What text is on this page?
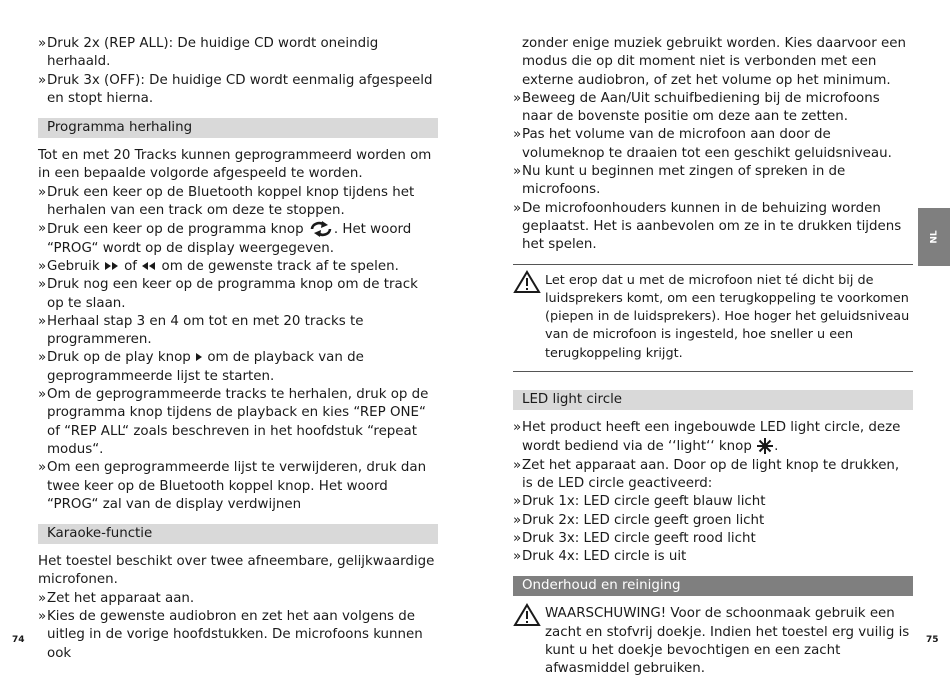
» Druk 2x (REP ALL): De huidige CD wordt oneindig herhaald.

» Druk 3x (OFF): De huidige CD wordt eenmalig afgespeeld en stopt hierna.

Programma herhaling

Tot en met 20 Tracks kunnen geprogrammeerd worden om in een bepaalde volgorde afgespeeld te worden.

» Druk een keer op de Bluetooth koppel knop tijdens het herhalen van een track om deze te stoppen.

» Druk een keer op de programma knop . Het woord “PROG“ wordt op de display weergegeven.

» Gebruik  of  om de gewenste track af te spelen.

» Druk nog een keer op de programma knop om de track op te slaan.

» Herhaal stap 3 en 4 om tot en met 20 tracks te programmeren.

» Druk op de play knop  om de playback van de geprogrammeerde lijst te starten.

» Om de geprogrammeerde tracks te herhalen, druk op de programma knop tijdens de playback en kies “REP ONE“ of “REP ALL“ zoals beschreven in het hoofdstuk “repeat modus“.

» Om een geprogrammeerde lijst te verwijderen, druk dan twee keer op de Bluetooth koppel knop. Het woord “PROG“ zal van de display verdwijnen

Karaoke-functie

Het toestel beschikt over twee afneembare, gelijkwaardige microfonen.

» Zet het apparaat aan.

» Kies de gewenste audiobron en zet het aan volgens de uitleg in de vorige hoofdstukken. De microfoons kunnen ook

zonder enige muziek gebruikt worden. Kies daarvoor een modus die op dit moment niet is verbonden met een externe audiobron, of zet het volume op het minimum.

» Beweeg de Aan/Uit schuifbediening bij de microfoons naar de bovenste positie om deze aan te zetten.

» Pas het volume van de microfoon aan door de volumeknop te draaien tot een geschikt geluidsniveau.

» Nu kunt u beginnen met zingen of spreken in de microfoons.

» De microfoonhouders kunnen in de behuizing worden geplaatst. Het is aanbevolen om ze in te drukken tijdens het spelen.

Let erop dat u met de microfoon niet té dicht bij de luidsprekers komt, om een terugkoppeling te voorkomen (piepen in de luidsprekers). Hoe hoger het geluidsniveau van de microfoon is ingesteld, hoe sneller u een terugkoppeling krijgt.

LED light circle

» Het product heeft een ingebouwde LED light circle, deze wordt bediend via de ‘‘light‘‘ knop .

» Zet het apparaat aan. Door op de light knop te drukken, is de LED circle geactiveerd:

» Druk 1x: LED circle geeft blauw licht

» Druk 2x: LED circle geeft groen licht

» Druk 3x: LED circle geeft rood licht

» Druk 4x: LED circle is uit

Onderhoud en reiniging

WAARSCHUWING! Voor de schoonmaak gebruik een zacht en stofvrij doekje. Indien het toestel erg vuilig is kunt u het doekje bevochtigen en een zacht afwasmiddel gebruiken.

74	75
NL
